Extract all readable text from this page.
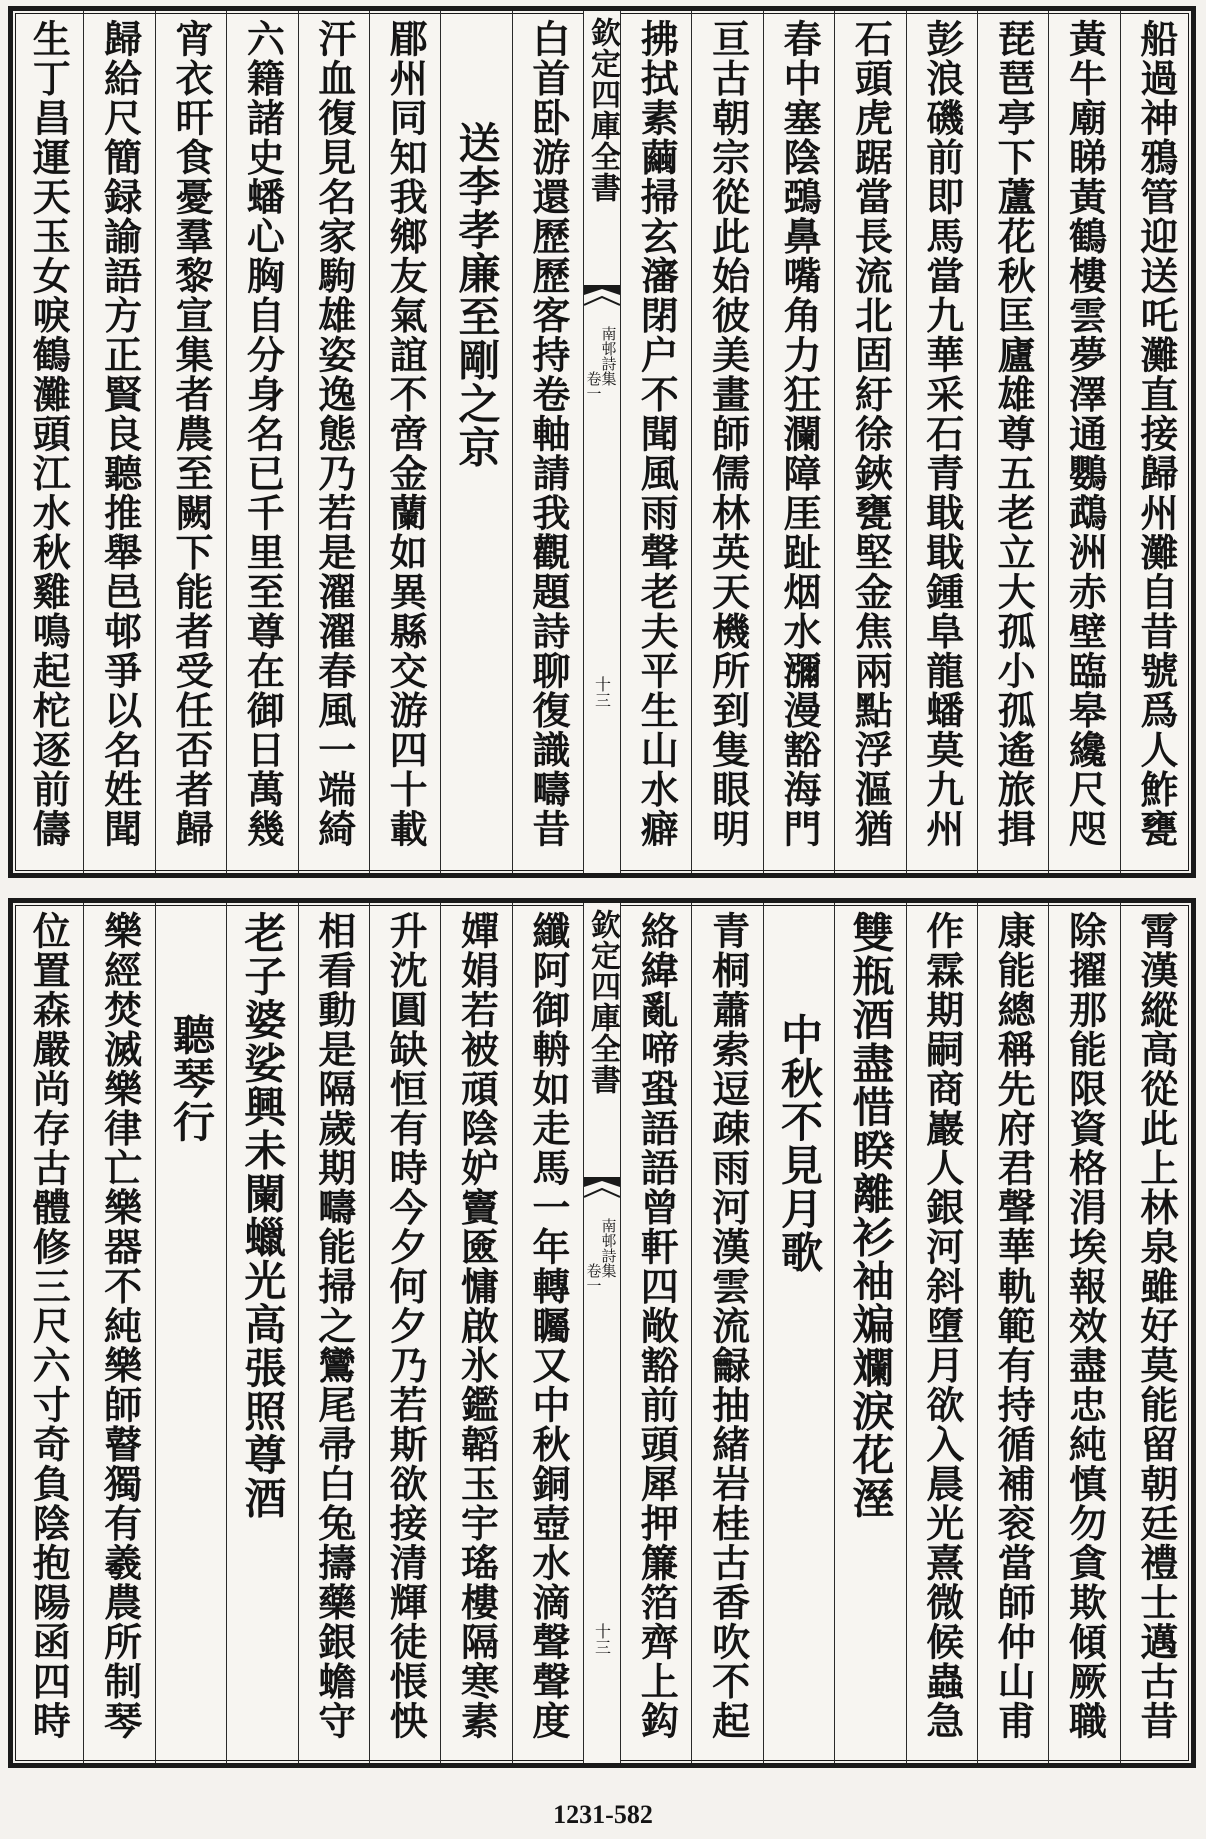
船過神鴉管迎送吒灘直接歸州灘自昔號爲人鮓甕
黃牛廟睇黃鶴樓雲夢澤通鸚鵡洲赤壁臨皋纔尺咫
琵琶亭下蘆花秋匡廬雄尊五老立大孤小孤遙旅揖
彭浪磯前即馬當九華采石青戢戢鍾阜龍蟠莫九州
石頭虎踞當長流北固紆徐鋏甕堅金焦兩點浮漚猶
春中塞陰鵶鼻嘴角力狂瀾障厓趾烟水瀰漫豁海門
亘古朝宗從此始彼美畫師儒林英天機所到隻眼明
拂拭素繭掃玄瀋閉户不聞風雨聲老夫平生山水癖
欽定四庫全書
南邨詩集
卷一
十三
白首卧游還歷歷客持卷軸請我觀題詩聊復識疇昔
送李孝廉至剛之京
郿州同知我鄉友氣誼不啻金蘭如異縣交游四十載
汗血復見名家駒雄姿逸態乃若是濯濯春風一端綺
六籍諸史蟠心胸自分身名已千里至尊在御日萬幾
宵衣旰食憂羣黎宣集者農至闕下能者受任否者歸
歸給尺簡録諭語方正賢良聽推舉邑邨爭以名姓聞
生丁昌運天玉女唳鶴灘頭江水秋雞鳴起柁逐前儔
霄漢縱高從此上林泉雖好莫能留朝廷禮士邁古昔
除擢那能限資格涓埃報效盡忠純慎勿貪欺傾厥職
康能總稱先府君聲華軌範有持循補衮當師仲山甫
作霖期嗣商巖人銀河斜墮月欲入晨光熹微候蟲急
雙瓶酒盡惜睽離衫袖斒斕淚花溼
中秋不見月歌
青桐蕭索逗疎雨河漢雲流龣抽緒岩桂古香吹不起
絡緯亂啼蛩語語曾軒四敞豁前頭犀押簾箔齊上鈎
欽定四庫全書
南邨詩集
卷一
十三
纖阿御輈如走馬一年轉矚又中秋銅壺水滴聲聲度
嬋娟若被頑陰妒竇匳慵啟氷鑑韜玉宇瑤樓隔寒素
升沈圓缺恒有時今夕何夕乃若斯欲接清輝徒悵怏
相看動是隔歲期疇能掃之鸞尾帚白兔擣藥銀蟾守
老子婆娑興未闌蠟光高張照尊酒
聽琴行
樂經焚滅樂律亡樂器不純樂師瞽獨有羲農所制琴
位置森嚴尚存古體修三尺六寸奇負陰抱陽函四時
1231-582
